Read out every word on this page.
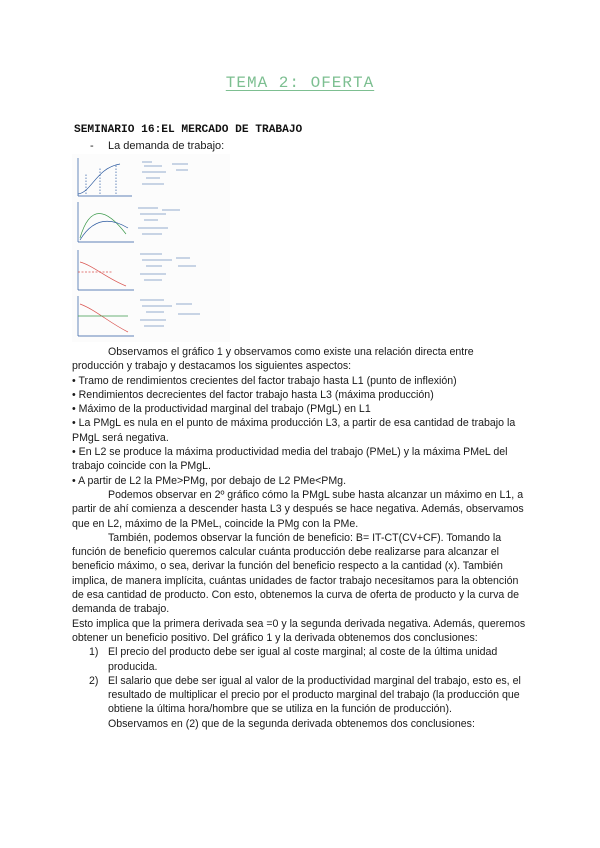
TEMA 2: OFERTA
SEMINARIO 16:EL MERCADO DE TRABAJO
- La demanda de trabajo:

Observamos el gráfico 1 y observamos como existe una relación directa entre producción y trabajo y destacamos los siguientes aspectos:

• Tramo de rendimientos crecientes del factor trabajo hasta L1 (punto de inflexión)

• Rendimientos decrecientes del factor trabajo hasta L3 (máxima producción)

• Máximo de la productividad marginal del trabajo (PMgL) en L1

• La PMgL es nula en el punto de máxima producción L3, a partir de esa cantidad de trabajo la PMgL será negativa.

• En L2 se produce la máxima productividad media del trabajo (PMeL) y la máxima PMeL del trabajo coincide con la PMgL.

• A partir de L2 la PMe>PMg, por debajo de L2 PMe<PMg.

Podemos observar en 2º gráfico cómo la PMgL sube hasta alcanzar un máximo en L1, a partir de ahí comienza a descender hasta L3 y después se hace negativa. Además, observamos que en L2, máximo de la PMeL, coincide la PMg con la PMe.

También, podemos observar la función de beneficio: B= IT-CT(CV+CF). Tomando la función de beneficio queremos calcular cuánta producción debe realizarse para alcanzar el beneficio máximo, o sea, derivar la función del beneficio respecto a la cantidad (x). También implica, de manera implícita, cuántas unidades de factor trabajo necesitamos para la obtención de esa cantidad de producto. Con esto, obtenemos la curva de oferta de producto y la curva de demanda de trabajo.

Esto implica que la primera derivada sea =0 y la segunda derivada negativa. Además, queremos obtener un beneficio positivo. Del gráfico 1 y la derivada obtenemos dos conclusiones:

1) El precio del producto debe ser igual al coste marginal; al coste de la última unidad producida.
2) El salario que debe ser igual al valor de la productividad marginal del trabajo, esto es, el resultado de multiplicar el precio por el producto marginal del trabajo (la producción que obtiene la última hora/hombre que se utiliza en la función de producción).

Observamos en (2) que de la segunda derivada obtenemos dos conclusiones:
